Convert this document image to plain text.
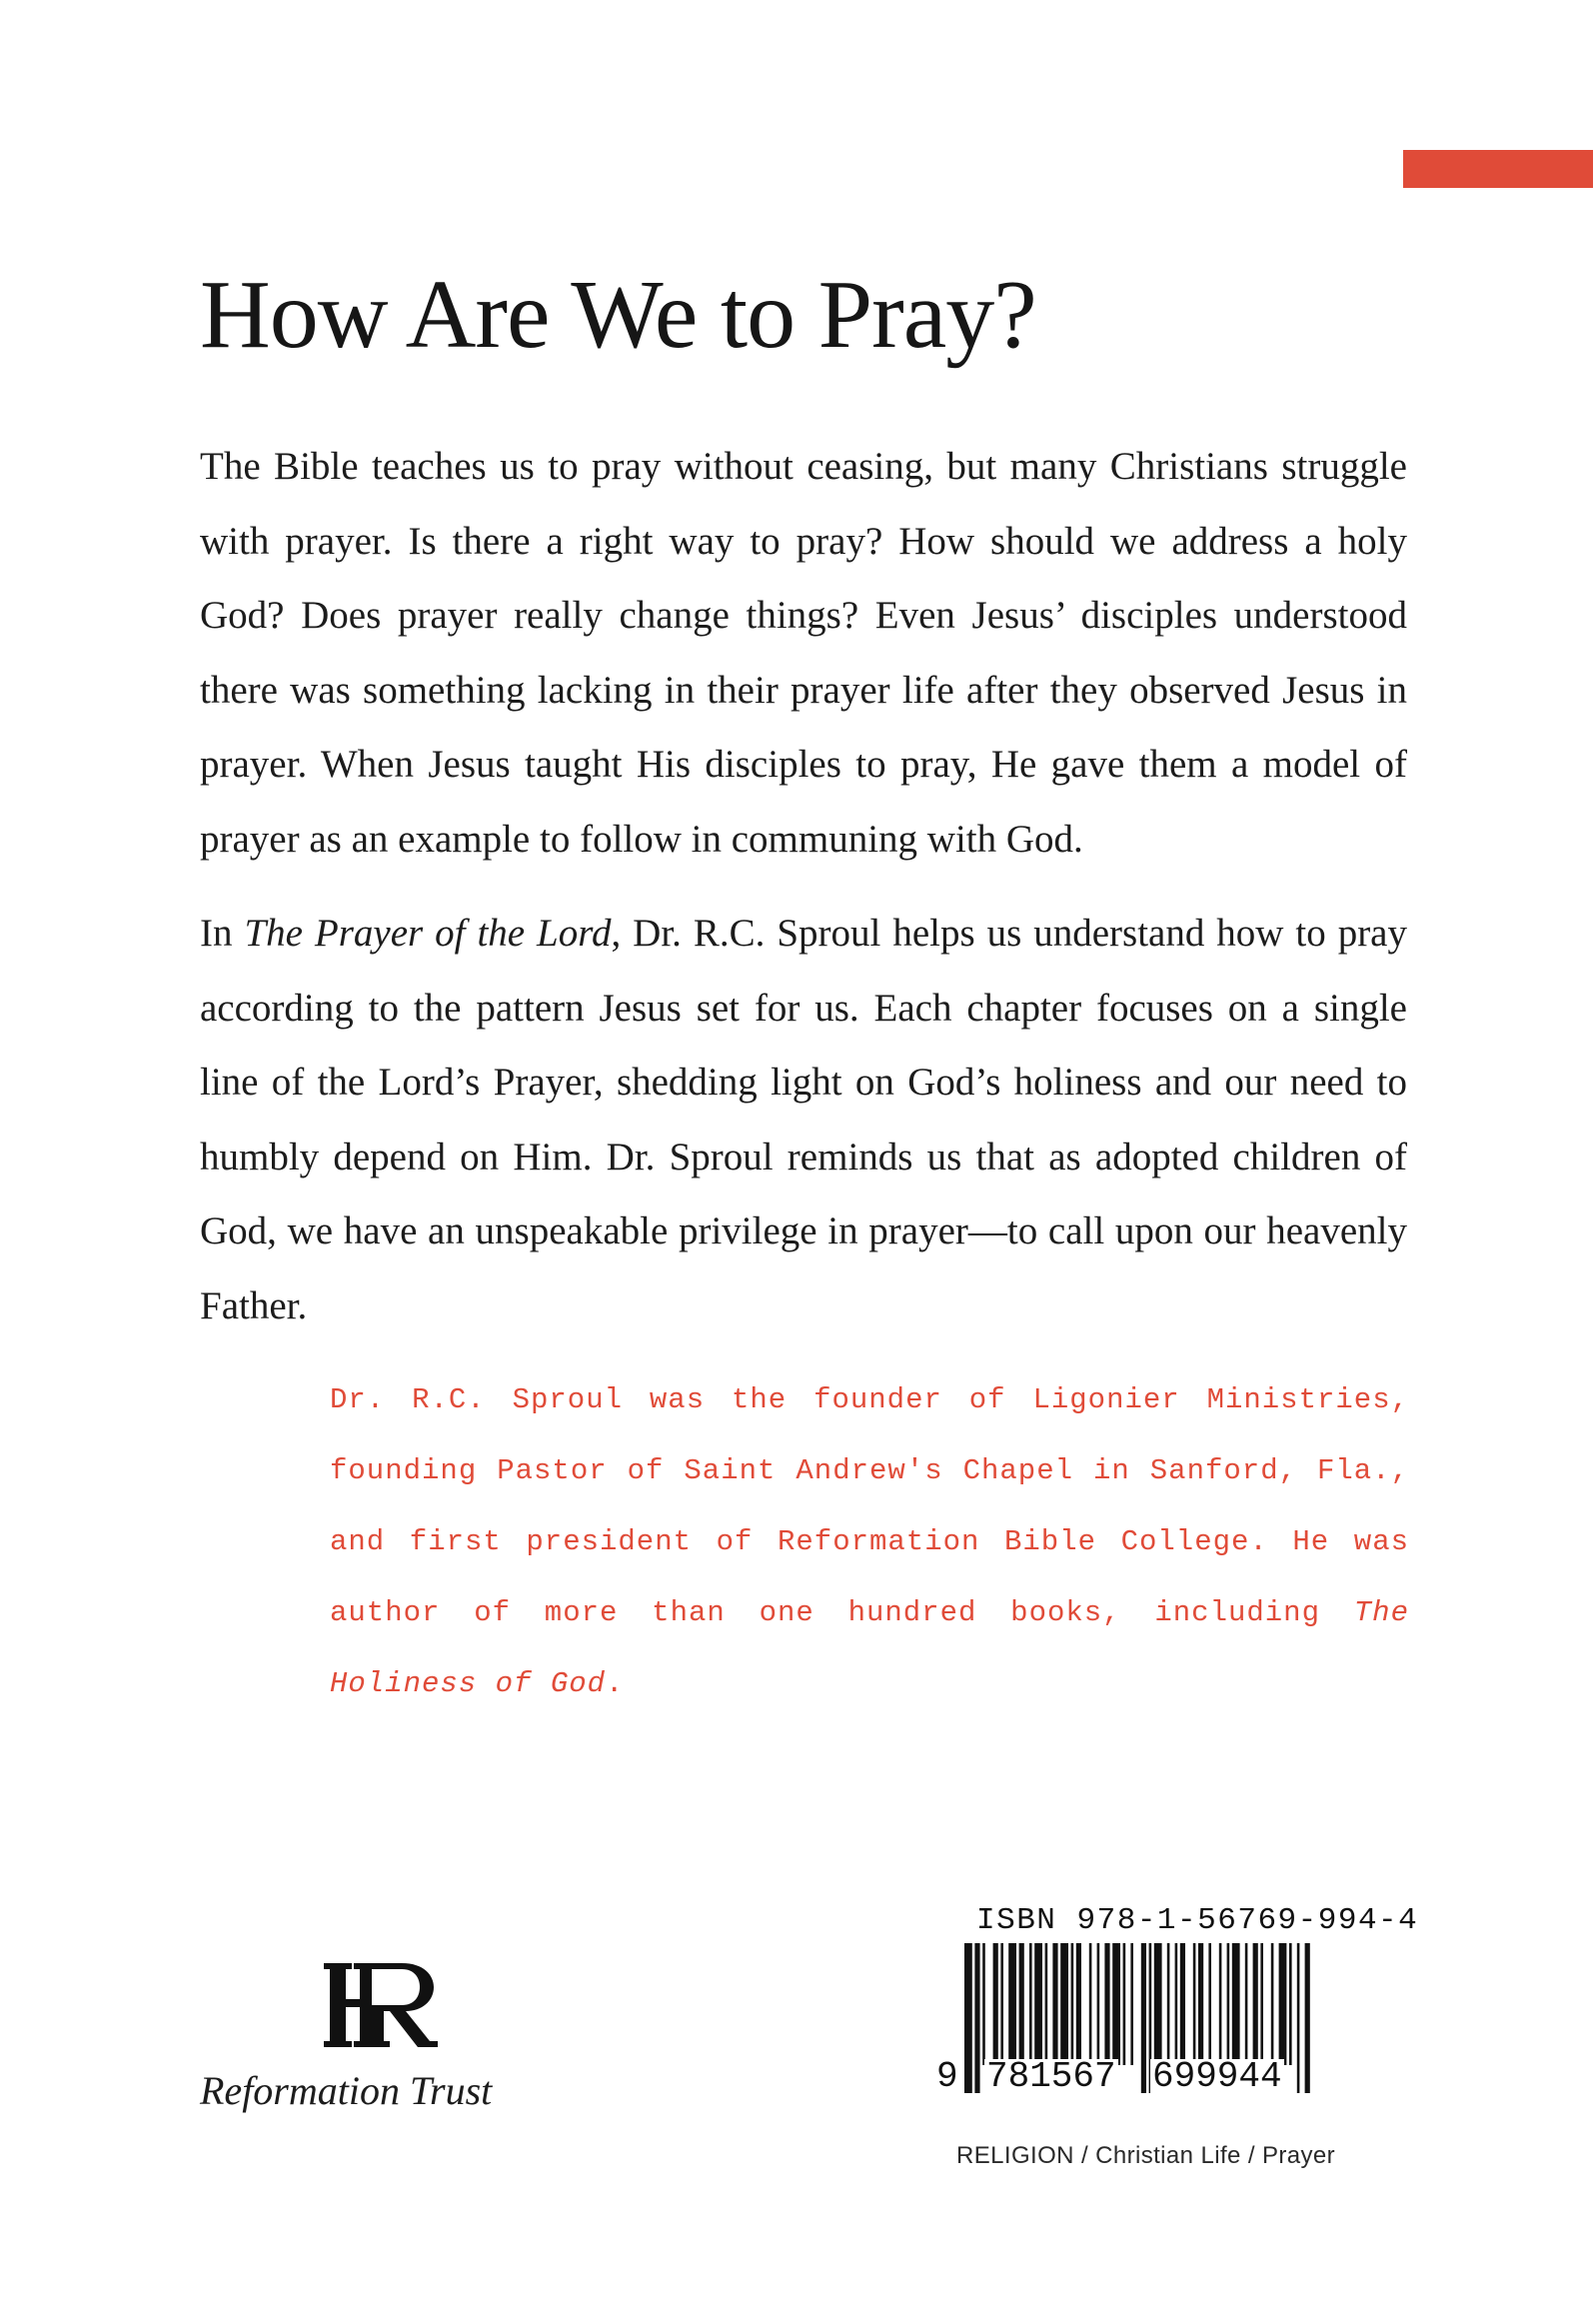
How Are We to Pray?

The Bible teaches us to pray without ceasing, but many Christians struggle with prayer. Is there a right way to pray? How should we address a holy God? Does prayer really change things? Even Jesus’ disciples understood there was something lacking in their prayer life after they observed Jesus in prayer. When Jesus taught His disciples to pray, He gave them a model of prayer as an example to follow in communing with God.

In The Prayer of the Lord, Dr. R.C. Sproul helps us understand how to pray according to the pattern Jesus set for us. Each chapter focuses on a single line of the Lord’s Prayer, shedding light on God’s holiness and our need to humbly depend on Him. Dr. Sproul reminds us that as adopted children of God, we have an unspeakable privilege in prayer—to call upon our heavenly Father.

Dr. R.C. Sproul was the founder of Ligonier Ministries, founding Pastor of Saint Andrew's Chapel in Sanford, Fla., and first president of Reformation Bible College. He was author of more than one hundred books, including The Holiness of God.

Reformation Trust
ISBN 978-1-56769-994-4
9 781567 699944
RELIGION / Christian Life / Prayer
